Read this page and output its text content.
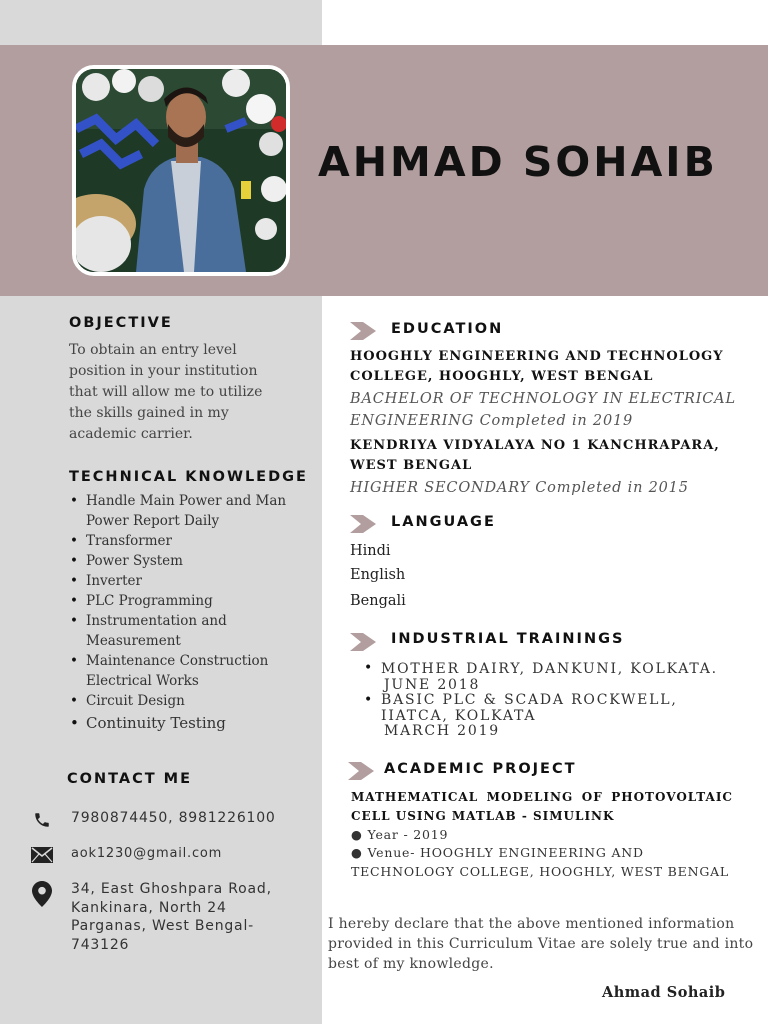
AHMAD SOHAIB
OBJECTIVE
To obtain an entry level position in your institution that will allow me to utilize the skills gained in my academic carrier.
TECHNICAL KNOWLEDGE
• Handle Main Power and Man Power Report Daily
• Transformer
• Power System
• Inverter
• PLC Programming
• Instrumentation and Measurement
• Maintenance Construction Electrical Works
• Circuit Design
• Continuity Testing
CONTACT ME
7980874450, 8981226100
aok1230@gmail.com
34, East Ghoshpara Road, Kankinara, North 24 Parganas, West Bengal-743126
EDUCATION
HOOGHLY ENGINEERING AND TECHNOLOGY COLLEGE, HOOGHLY, WEST BENGAL
BACHELOR OF TECHNOLOGY IN ELECTRICAL ENGINEERING Completed in 2019
KENDRIYA VIDYALAYA NO 1 KANCHRAPARA, WEST BENGAL
HIGHER SECONDARY Completed in 2015
LANGUAGE
Hindi
English
Bengali
INDUSTRIAL TRAININGS
• MOTHER DAIRY, DANKUNI, KOLKATA.
JUNE 2018
• BASIC PLC & SCADA ROCKWELL, IIATCA, KOLKATA
MARCH 2019
ACADEMIC PROJECT
MATHEMATICAL MODELING OF PHOTOVOLTAIC CELL USING MATLAB - SIMULINK
● Year - 2019
● Venue- HOOGHLY ENGINEERING AND TECHNOLOGY COLLEGE, HOOGHLY, WEST BENGAL
I hereby declare that the above mentioned information provided in this Curriculum Vitae are solely true and into best of my knowledge.
Ahmad Sohaib
